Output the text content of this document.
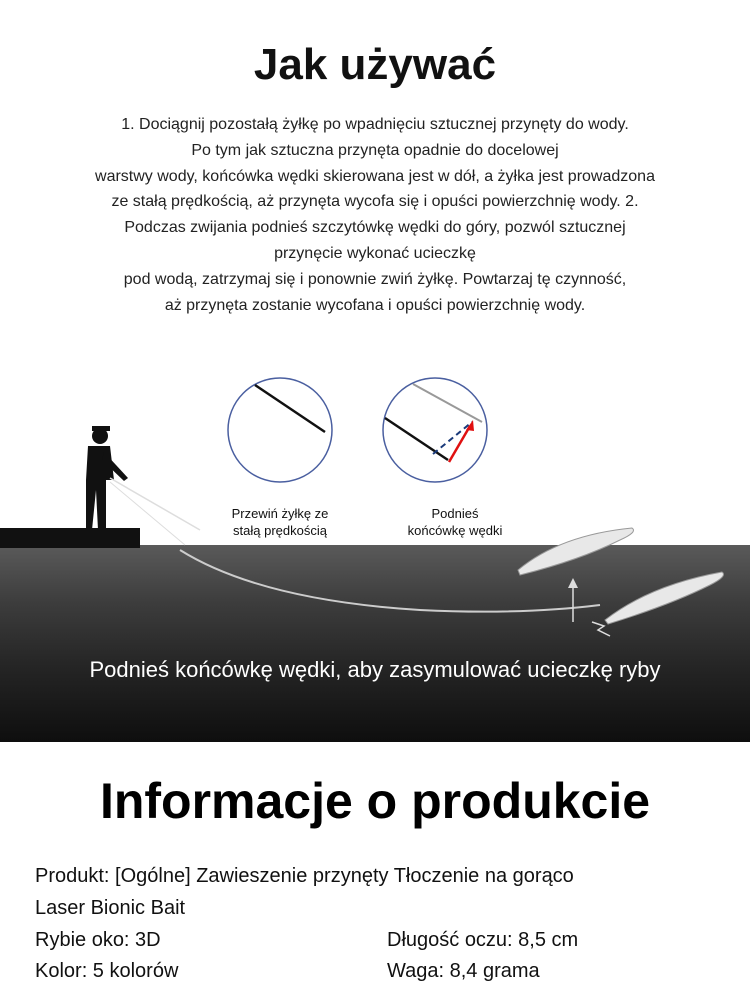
Jak używać
1. Dociągnij pozostałą żyłkę po wpadnięciu sztucznej przynęty do wody.
Po tym jak sztuczna przynęta opadnie do docelowej
warstwy wody, końcówka wędki skierowana jest w dół, a żyłka jest prowadzona
ze stałą prędkością, aż przynęta wycofa się i opuści powierzchnię wody. 2.
Podczas zwijania podnieś szczytówkę wędki do góry, pozwól sztucznej
przynęcie wykonać ucieczkę
pod wodą, zatrzymaj się i ponownie zwiń żyłkę. Powtarzaj tę czynność,
aż przynęta zostanie wycofana i opuści powierzchnię wody.
Przewiń żyłkę ze
stałą prędkością
Podnieś
końcówkę wędki
Podnieś końcówkę wędki, aby zasymulować ucieczkę ryby
Informacje o produkcie
Produkt: [Ogólne] Zawieszenie przynęty Tłoczenie na gorąco
Laser Bionic Bait
Rybie oko: 3D	Długość oczu: 8,5 cm
Kolor: 5 kolorów	Waga: 8,4 grama
